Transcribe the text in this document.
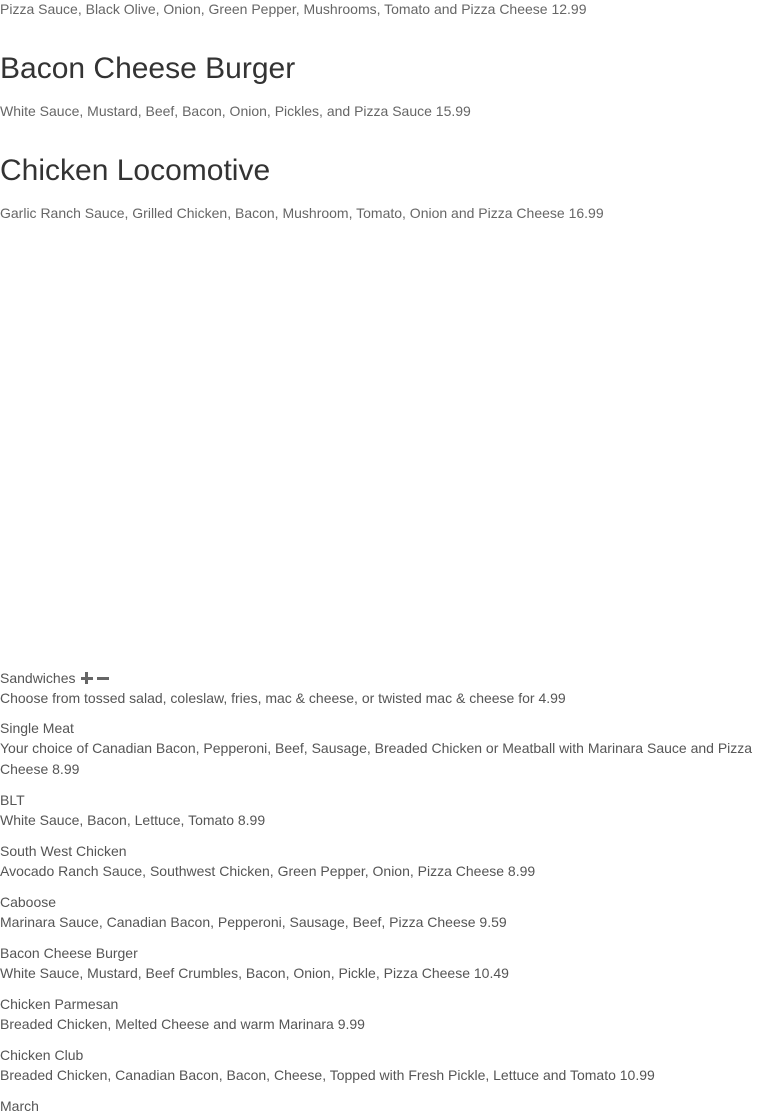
Pizza Sauce, Black Olive, Onion, Green Pepper, Mushrooms, Tomato and Pizza Cheese 12.99

Bacon Cheese Burger

White Sauce, Mustard, Beef, Bacon, Onion, Pickles, and Pizza Sauce 15.99

Chicken Locomotive

Garlic Ranch Sauce, Grilled Chicken, Bacon, Mushroom, Tomato, Onion and Pizza Cheese 16.99

Sandwiches

Choose from tossed salad, coleslaw, fries, mac & cheese, or twisted mac & cheese for 4.99

Single Meat

Your choice of Canadian Bacon, Pepperoni, Beef, Sausage, Breaded Chicken or Meatball with Marinara Sauce and Pizza Cheese 8.99

BLT

White Sauce, Bacon, Lettuce, Tomato 8.99

South West Chicken

Avocado Ranch Sauce, Southwest Chicken, Green Pepper, Onion, Pizza Cheese 8.99

Caboose

Marinara Sauce, Canadian Bacon, Pepperoni, Sausage, Beef, Pizza Cheese 9.59

Bacon Cheese Burger

White Sauce, Mustard, Beef Crumbles, Bacon, Onion, Pickle, Pizza Cheese 10.49

Chicken Parmesan

Breaded Chicken, Melted Cheese and warm Marinara 9.99

Chicken Club

Breaded Chicken, Canadian Bacon, Bacon, Cheese, Topped with Fresh Pickle, Lettuce and Tomato 10.99

March
